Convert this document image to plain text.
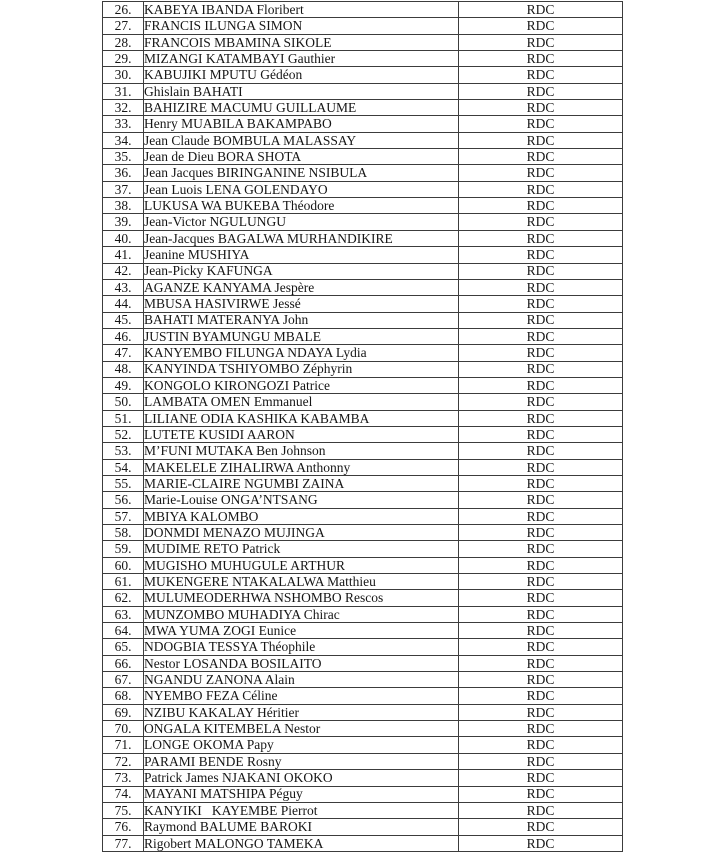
26.	KABEYA IBANDA Floribert	RDC
27.	FRANCIS ILUNGA SIMON	RDC
28.	FRANCOIS MBAMINA SIKOLE	RDC
29.	MIZANGI KATAMBAYI Gauthier	RDC
30.	KABUJIKI MPUTU Gédéon	RDC
31.	Ghislain BAHATI	RDC
32.	BAHIZIRE MACUMU GUILLAUME	RDC
33.	Henry MUABILA BAKAMPABO	RDC
34.	Jean Claude BOMBULA MALASSAY	RDC
35.	Jean de Dieu BORA SHOTA	RDC
36.	Jean Jacques BIRINGANINE NSIBULA	RDC
37.	Jean Luois LENA GOLENDAYO	RDC
38.	LUKUSA WA BUKEBA Théodore	RDC
39.	Jean-Victor NGULUNGU	RDC
40.	Jean-Jacques BAGALWA MURHANDIKIRE	RDC
41.	Jeanine MUSHIYA	RDC
42.	Jean-Picky KAFUNGA	RDC
43.	AGANZE KANYAMA Jespère	RDC
44.	MBUSA HASIVIRWE Jessé	RDC
45.	BAHATI MATERANYA John	RDC
46.	JUSTIN BYAMUNGU MBALE	RDC
47.	KANYEMBO FILUNGA NDAYA Lydia	RDC
48.	KANYINDA TSHIYOMBO Zéphyrin	RDC
49.	KONGOLO KIRONGOZI Patrice	RDC
50.	LAMBATA OMEN Emmanuel	RDC
51.	LILIANE ODIA KASHIKA KABAMBA	RDC
52.	LUTETE KUSIDI AARON	RDC
53.	M’FUNI MUTAKA Ben Johnson	RDC
54.	MAKELELE ZIHALIRWA Anthonny	RDC
55.	MARIE-CLAIRE NGUMBI ZAINA	RDC
56.	Marie-Louise ONGA’NTSANG	RDC
57.	MBIYA KALOMBO	RDC
58.	DONMDI MENAZO MUJINGA	RDC
59.	MUDIME RETO Patrick	RDC
60.	MUGISHO MUHUGULE ARTHUR	RDC
61.	MUKENGERE NTAKALALWA Matthieu	RDC
62.	MULUMEODERHWA NSHOMBO Rescos	RDC
63.	MUNZOMBO MUHADIYA Chirac	RDC
64.	MWA YUMA ZOGI Eunice	RDC
65.	NDOGBIA TESSYA Théophile	RDC
66.	Nestor LOSANDA BOSILAITO	RDC
67.	NGANDU ZANONA Alain	RDC
68.	NYEMBO FEZA Céline	RDC
69.	NZIBU KAKALAY Héritier	RDC
70.	ONGALA KITEMBELA Nestor	RDC
71.	LONGE OKOMA Papy	RDC
72.	PARAMI BENDE Rosny	RDC
73.	Patrick James NJAKANI OKOKO	RDC
74.	MAYANI MATSHIPA Péguy	RDC
75.	KANYIKI   KAYEMBE Pierrot	RDC
76.	Raymond BALUME BAROKI	RDC
77.	Rigobert MALONGO TAMEKA	RDC
